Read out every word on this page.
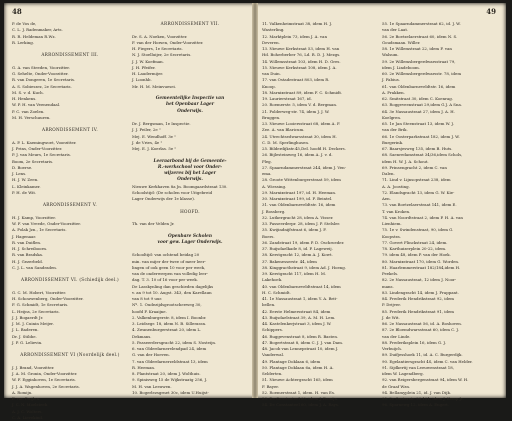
48
P. de Vos de,
C. L. J. Radenmaker, Arts.
R. R. Heldeman R.Wz.
R. Lerking.

ARRONDISSEMENT III.

G. A. van Steeden, Voorzitter.
G. Sehelte, Onder-Voorzitter.
R. van Dongeren, 1e Secretaris.
A. S. Sobieszez, 2e Secretaris.
M. S. v. d. Kuch.
H. Henkens.
W. P. H. van Veenendaal.
P. C. van Zoelen.
M. H. Verschuuren.

ARRONDISSEMENT IV.

A. P. L. Kaemingwoet, Voorzitter.
J. Prins, Onder-Voorzitter.
P. J. van Meurs, 1e Secretaris.
Boom, 2e Secretaris.
D. Boerse.
J. Lens.
H. J. W. Zeen.
L. Kleinkamer.
P. H. de Wit.

ARRONDISSEMENT V.

H. J. Kamp, Voorzitter.
W. F. van Vreede, Onder-Voorzitter.
A. Polak Jzn., 1e Secretaris.
J. Hagenaar.
R. van Duiflen.
H. J. Schreiboorn.
R. van Bradska.
H. J. Gezerbeld.
C. J. L. van Sandraden.

ARRONDISSEMENT VI. (Schiedijk deel.)

G. C. M. Hobert, Voorzitter.
H. Schouwenberg, Onder-Voorzitter.
F. G. Schmidt, 1e Secretaris.
L. Heijns, 2e Secretaris.
J. J. Bogaerdt Jr.
J. M. J. Cuinin Meijer.
J. L. Baderen.
Dr. J. Stibbe.
J. P. G. Lelievin.

ARRONDISSEMENT VI (Noordelijk deel.)

J. J. Brand, Voorzitter.
J. A. M. Gronin, Onder-Voorzitter.
W. F. Egginhoven, 1e Secretaris.
J. J. A. Wagenhoven, 2e Secretaris.
A. Romijn.
F. van Duijlen.
J. C. N. Moelsteeb.
A. J. C. Wolters.
C. A. Lievekind.
ARRONDISSEMENT VII.

Dr. S. A. Noeken, Voorzitter.
F. van der Horsen, Onder-Voorzitter.
H. Fiegers, 1e Secretaris.
N. J. Stoelluijer, 2e Secretaris.
J. J. W. Koefman.
J. H. Pfeifer.
H. Laudermijer.
J. Loonhb.
Mr. H. M. Meinvuesei.

Gemeentelijke Inspectie van
het Openbaar Lager
Onderwijs.

Dr. J. Bergsman, 1e Inspectie.
J. J. Peiler, 2e "
Mej. E. Wendhoff. 3e "
J. de Vries, 4e "
Mej. E. J. Koerlas. 5e "

Leeraarbond bij de Gemeente-
R.-werkschool voor Onder-
wijzeres bij het Lager
Onderwijs.
Nieuwe Kerkhaven 8a Jn. Boomgaardstraat 130.
Schoolstijd: (De scholen voor Uitgebreid
Lager Onderwijs der 1e klasse).

HOOFD.

Th. van der Velden Jr.

Openbare Scholen
voor gew. Lager Onderwijs.

Schooltijd: van ochtend beidag 20
min. van mijer der twee of meer leer-
lingen of ook geen 10 voor per week,
van de onderwerpen van volledig leer-
dag. T. 3. 10 of 16 voor per week.
De Lasskynling dan geschieden dagelijks
v. an 9 tot 10. Augst. 343, den Karellaun
van 8 tot 9 uur.
Nº. 1. Oudezijdsgrootscheeweg 30,
hoofd F. Kraaijne.
2. Valkenburgerstr. 8, idem I. Boonbr.
3. Leidsegr. 18, idem N. B. Sillerassn.
4. Zwanenburgerstraat 20, idem L.
Dekmans.
5. Passeerdersgracht 22, idem S. Nosteijn.
6. van Olderdarnerelendpad 24, idem
G. van der Hoeven.
7. van Olderdarnerzeldstraat 13, idem
R. Heeman.
8. Plantstraat 20, idem J. Wolthuis.
9. Spinisweg 15 de Wijkstraatg 256, J.
M. H. van Leeuwen.
10. Bogerlezsgrnet 30c, idem U.Huijst-
49
11. Valkenheimstraat 38, idem H. J.
Wasterling.
12. Marktplein 73, idem J. A. van
Deveren.
13. Nieuwe Kerkstraat 53, idem H. van
Hd. Boherberber 76, Ld. R. D. J. Mezgs.
14. Willemsstraat 103, idem H. D. Gres.
15. Nieuwe Kerkstraat 108, idem J. A.
van Duin.
17. van Ostadestraat 803, idem R.
Knoop.
18. Marnixstraat 89, idem F. C. Schmidt.
19. Laurierstraat 167, id.
20. Roemerstr. 5, idem V. d. Bergman.
21. Polderweg-str. 74, idem J. J. W.
Bruggen.
23. Nieuwe Looiersstraat 68, idem A. F.
Zee. A. van Blaricum.
24. Utrechtsedwarsstraat 30, idem H.
C. D. M. Sperlinghusen.
25. Bilderdijkstr.45,Del. hoofd H. Deckers.
26. Bijlesteinweg 16, idem A. J. v. d.
Pleg.
27. Spaarndammerstraat 244, idem J. Ven-
ema.
28. Groote Wittenburgerstraat 59, idem
A. Wiessing.
29. Marnixstraat 197, id. H. Heeman.
30. Marnixstraat 199, id. F. Beintel.
31. van Oldenbarneveldtstr. 16, idem
J. Bossberg.
32. Lutkergracht 28, idem A. Visser.
33. Passeerderpr. 28, idem J. P. Stelsler.
35. Kwijindnijfstraat 6, idem J. F.
Boers.
36. Zandstraat 19, idem P. D. Oschroeder.
37. Ruijsdaelkade 8, id. P. Lageweij.
38. Kerstgracht 12, idem A. J. Kowt.
37. Bakenesserstr. 44, idem
38. Kinggracthstraat 9, idem Ad. J. Hoeng.
39. Kerstgracht 117, idem H. M.
Lakehoek.
40. van Oldenbarneveldtstraat 14, idem
H. C. Schmidt.
41. 1e Nassaustraat 1, idem Y. A. Brit-
bellen.
42. Eerste Helmersstraat 84, idem
43. Ruijsdaelstraat 39, A. M. H. Lem.
44. Kastelenkerjstraat 3, idem J. W.
Schippers.
46. Ruggevenstraat 8, idem R. Basten.
47. Bogertstraat 8, idem C. J. J. van Dam.
48. Jacob van Lennepstraat 10, idem J.
Vanderwal.
49. Plantage Doklaan 6, idem
50. Plantage Doklaan 6a, idem H. A.
Selderten.
51. Nieuwe Achtergracht 165, idem
F. Bayer.
52. Roemerstraat 1, idem. H. van Es.
53. De Constanteel 60, idem J. Romijn.
54. De Constanteel 60, idem J. A. Rays.
55. 1e Spaarndammerstraat 62, id. J. W.
van der Laat.
56. 2e Boetzelaerstraat 60, idem N. S.
Goudsmaan. Willer.
58. 1e Willemstraat 22, idem F. van
Walsum.
59. 2e Willemsbergerdwarsstraat 79,
idem J. Lindeboom.
60. 2e Willemsbergerdwarsstr. 78, idem
J. Fabius.
61. van Oldenbarneveldtstr. 16, idem
A. Prakken.
62. Smitstraat 30, idem C. Koenrag.
63. Roggeveenstraat 29,idem G.J. A Sna.
64. 3e Nassaustraat 27, idem J. A. H.
Koelgren.
65. 1e Jan Steenstraat 13, idem W. J.
van der Brik.
66. 1e Oosterparkstraat 182, idem J. W.
Burgerink.
67. Baarsjesweg 135, idem B. Huts.
68. Saenredamstraat 34/36,idem Schols,
idem H. W. J. A. Schout.
69. Prinsengracht 2, idem C. van
Dalen.
71. Lind v. Lijnsopstraat 238, idem
A. A. Joosting.
72. Elandsgracht 13, idem G. W. Kie-
Aen.
73. van Boetzelaerstraat 141, idem E.
T. van Kroken.
74. van Noordtstraat 2, idem P. H. A. van
Lienhiem.
75. 1e v. Swindenstraat, 90, idem G.
Koopstra.
77. Govert Flinckstraat 24, idem.
78. Karthuizerplein 20-22, idem.
79. idem 48, idem P. van der Hoek.
80. Marnixstraat 170, idem G. Worden.
81. Haarlemmerstraat 182/184,idem H.
Peekels.
82. 2e Nassaustraat, 12 idem J. Noor-
mans.
83. Lindengracht 14, idem J. Frappant.
84. Frederik Hendrikstraat 92, idem
P. Drijver.
85. Frederik Hendrikstraat 91, idem
J. de Wit.
86. 2e Nassaustraat 56, id. A. Boshoven.
87. 2e Bloemdwarsstraat 60, idem C. J.
van der Linde.
88. Frederiksplein 16, idem G. J.
Verbuijch.
89. Duifjesshoek 11, id. A. C. Burgerdijk.
90. Egelantiersgracht 4S, idem C. van Helder.
91. Sijdkertij van Leeuwenstraat 18,
idem W. Lagendberg.
92. van Reigersbergenstraat 94, idem W. H.
de Graaf Wzn.
94. Bellamyplein 21, id. J. van Dijk.
95. 2e Oosterstr. 99-101, idem J. Kemp Jr.
96. Sparnewg 12, idem A. Engert.
